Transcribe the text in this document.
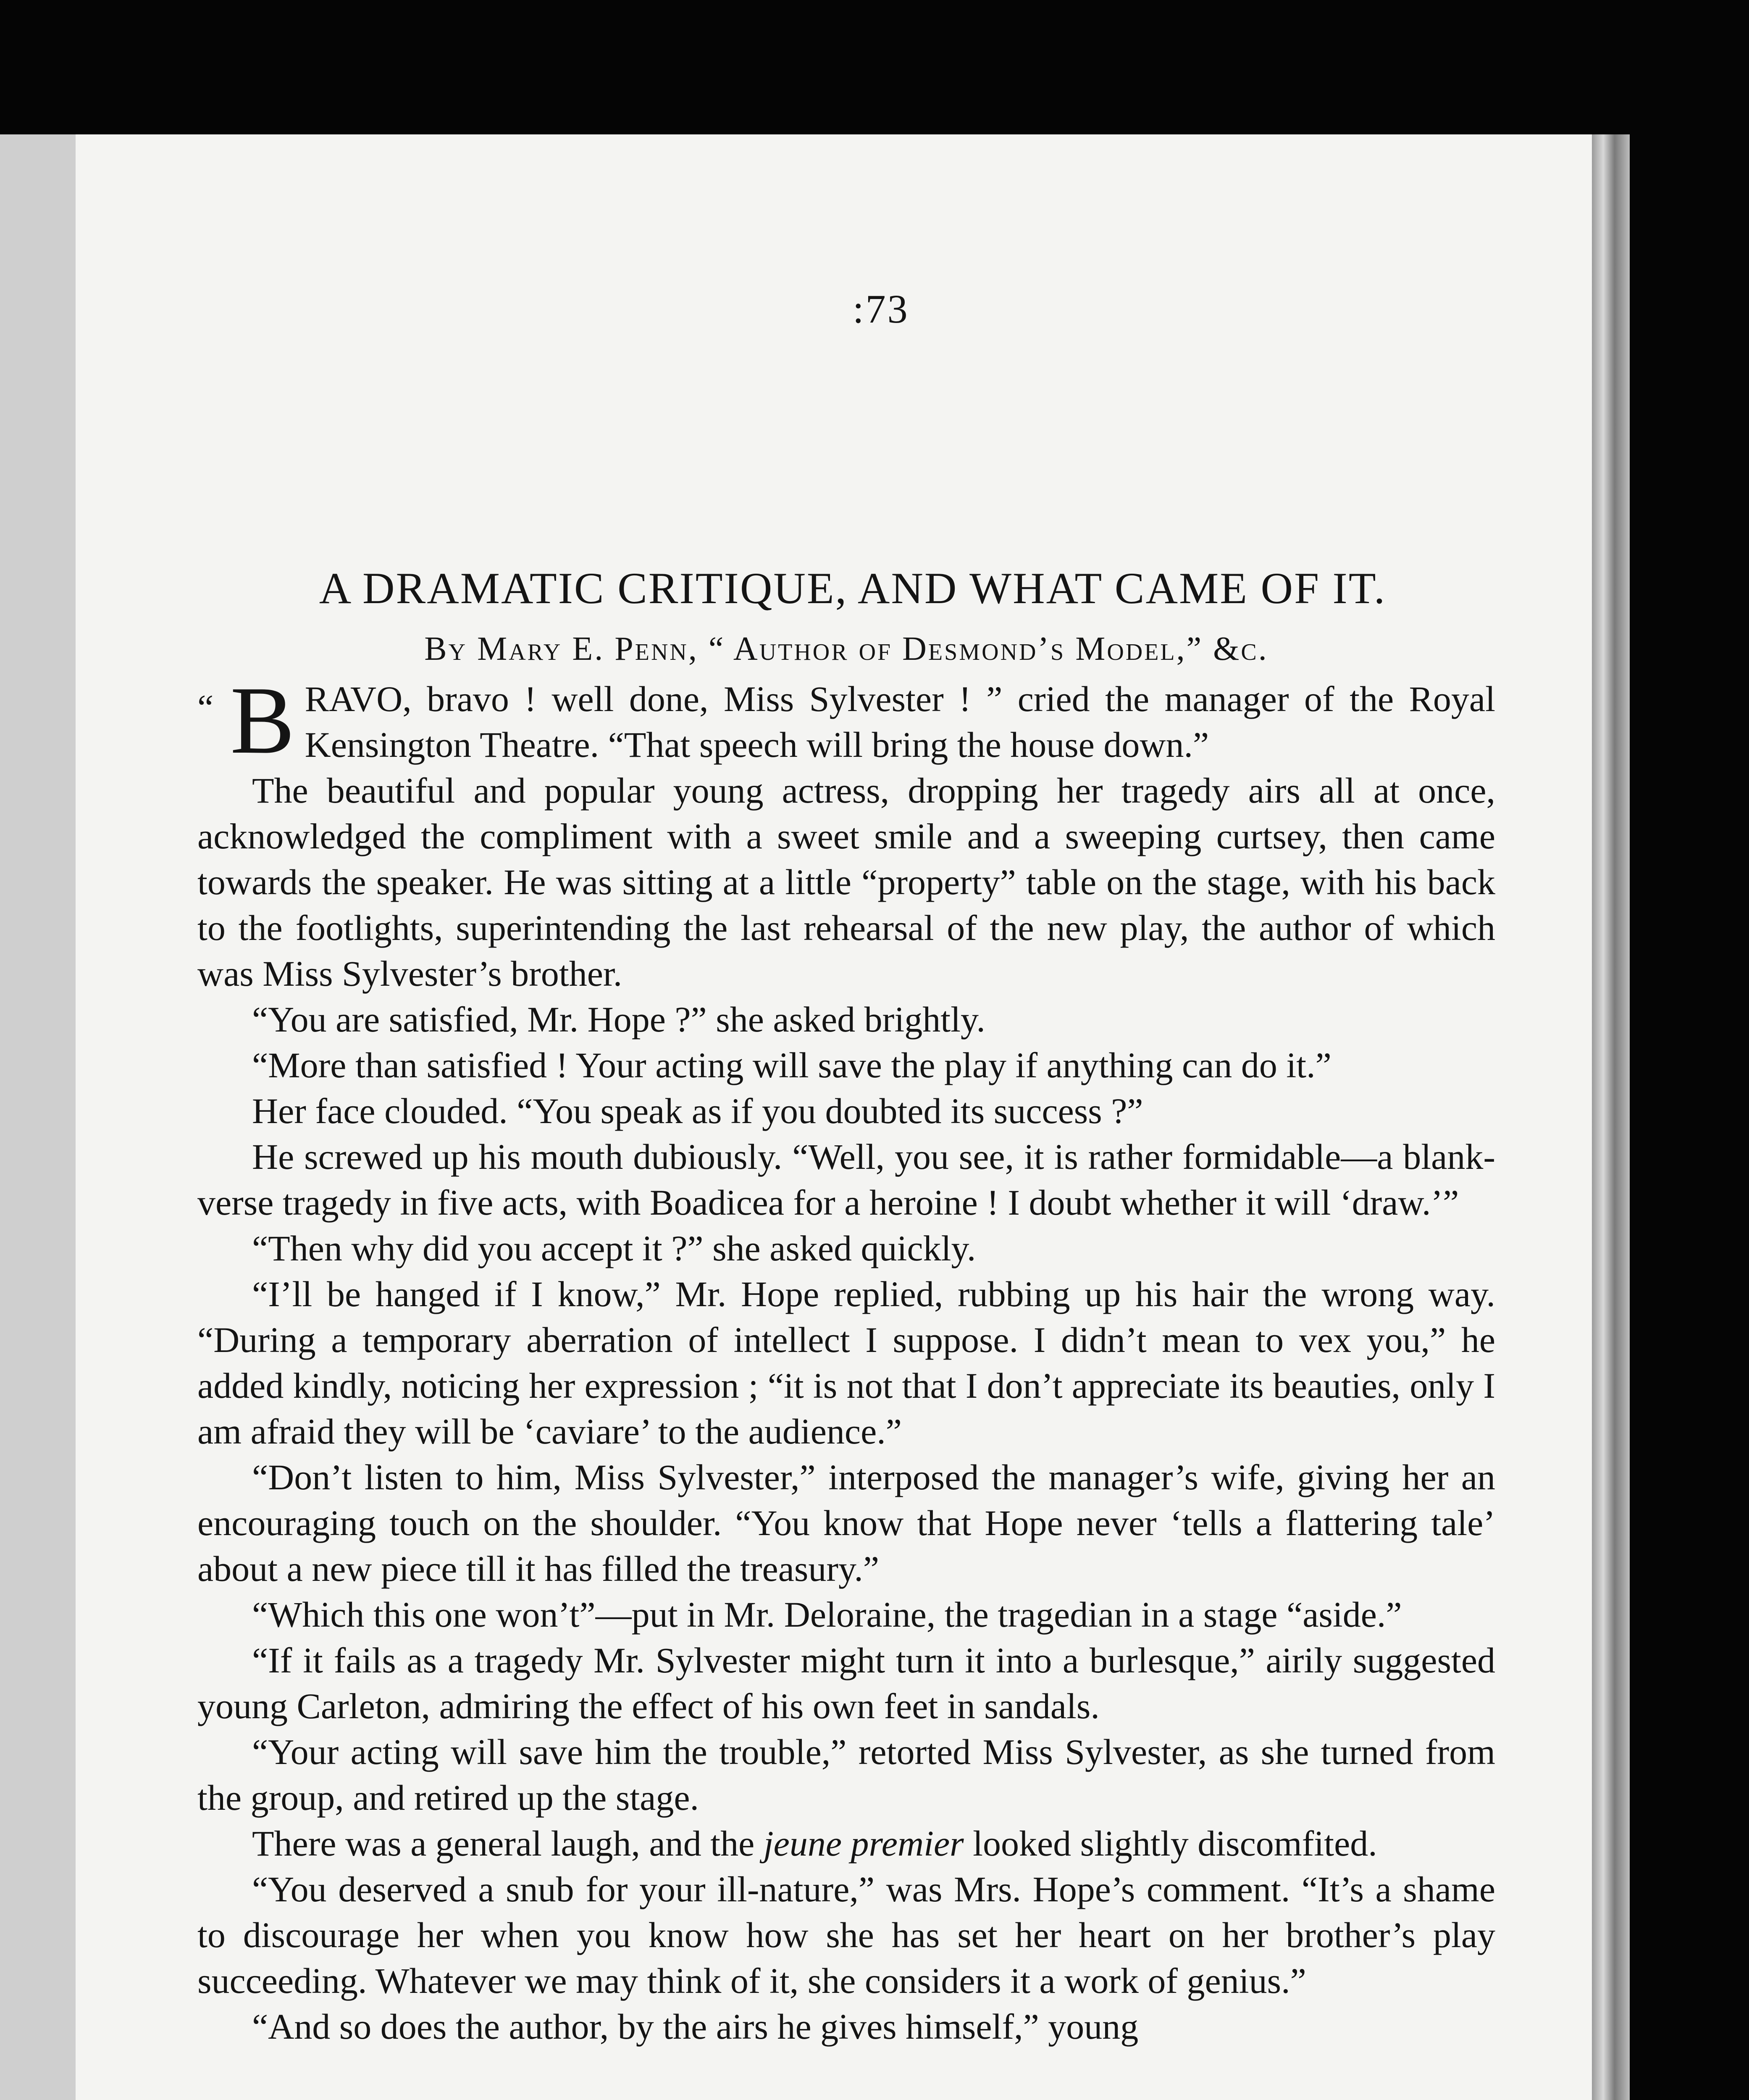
:73
A DRAMATIC CRITIQUE, AND WHAT CAME OF IT.
By Mary E. Penn, “ Author of Desmond’s Model,” &c.

“ B RAVO, bravo ! well done, Miss Sylvester ! ” cried the manager of the Royal Kensington Theatre. “That speech will bring the house down.”

The beautiful and popular young actress, dropping her tragedy airs all at once, acknowledged the compliment with a sweet smile and a sweeping curtsey, then came towards the speaker. He was sitting at a little “property” table on the stage, with his back to the footlights, superintending the last rehearsal of the new play, the author of which was Miss Sylvester’s brother.

“You are satisfied, Mr. Hope ?” she asked brightly.

“More than satisfied ! Your acting will save the play if anything can do it.”

Her face clouded. “You speak as if you doubted its success ?”

He screwed up his mouth dubiously. “Well, you see, it is rather formidable—a blank-verse tragedy in five acts, with Boadicea for a heroine ! I doubt whether it will ‘draw.’”

“Then why did you accept it ?” she asked quickly.

“I’ll be hanged if I know,” Mr. Hope replied, rubbing up his hair the wrong way. “During a temporary aberration of intellect I suppose. I didn’t mean to vex you,” he added kindly, noticing her expression ; “it is not that I don’t appreciate its beauties, only I am afraid they will be ‘caviare’ to the audience.”

“Don’t listen to him, Miss Sylvester,” interposed the manager’s wife, giving her an encouraging touch on the shoulder. “You know that Hope never ‘tells a flattering tale’ about a new piece till it has filled the treasury.”

“Which this one won’t”—put in Mr. Deloraine, the tragedian in a stage “aside.”

“If it fails as a tragedy Mr. Sylvester might turn it into a burlesque,” airily suggested young Carleton, admiring the effect of his own feet in sandals.

“Your acting will save him the trouble,” retorted Miss Sylvester, as she turned from the group, and retired up the stage.

There was a general laugh, and the jeune premier looked slightly discomfited.

“You deserved a snub for your ill-nature,” was Mrs. Hope’s comment. “It’s a shame to discourage her when you know how she has set her heart on her brother’s play succeeding. Whatever we may think of it, she considers it a work of genius.”

“And so does the author, by the airs he gives himself,” young
